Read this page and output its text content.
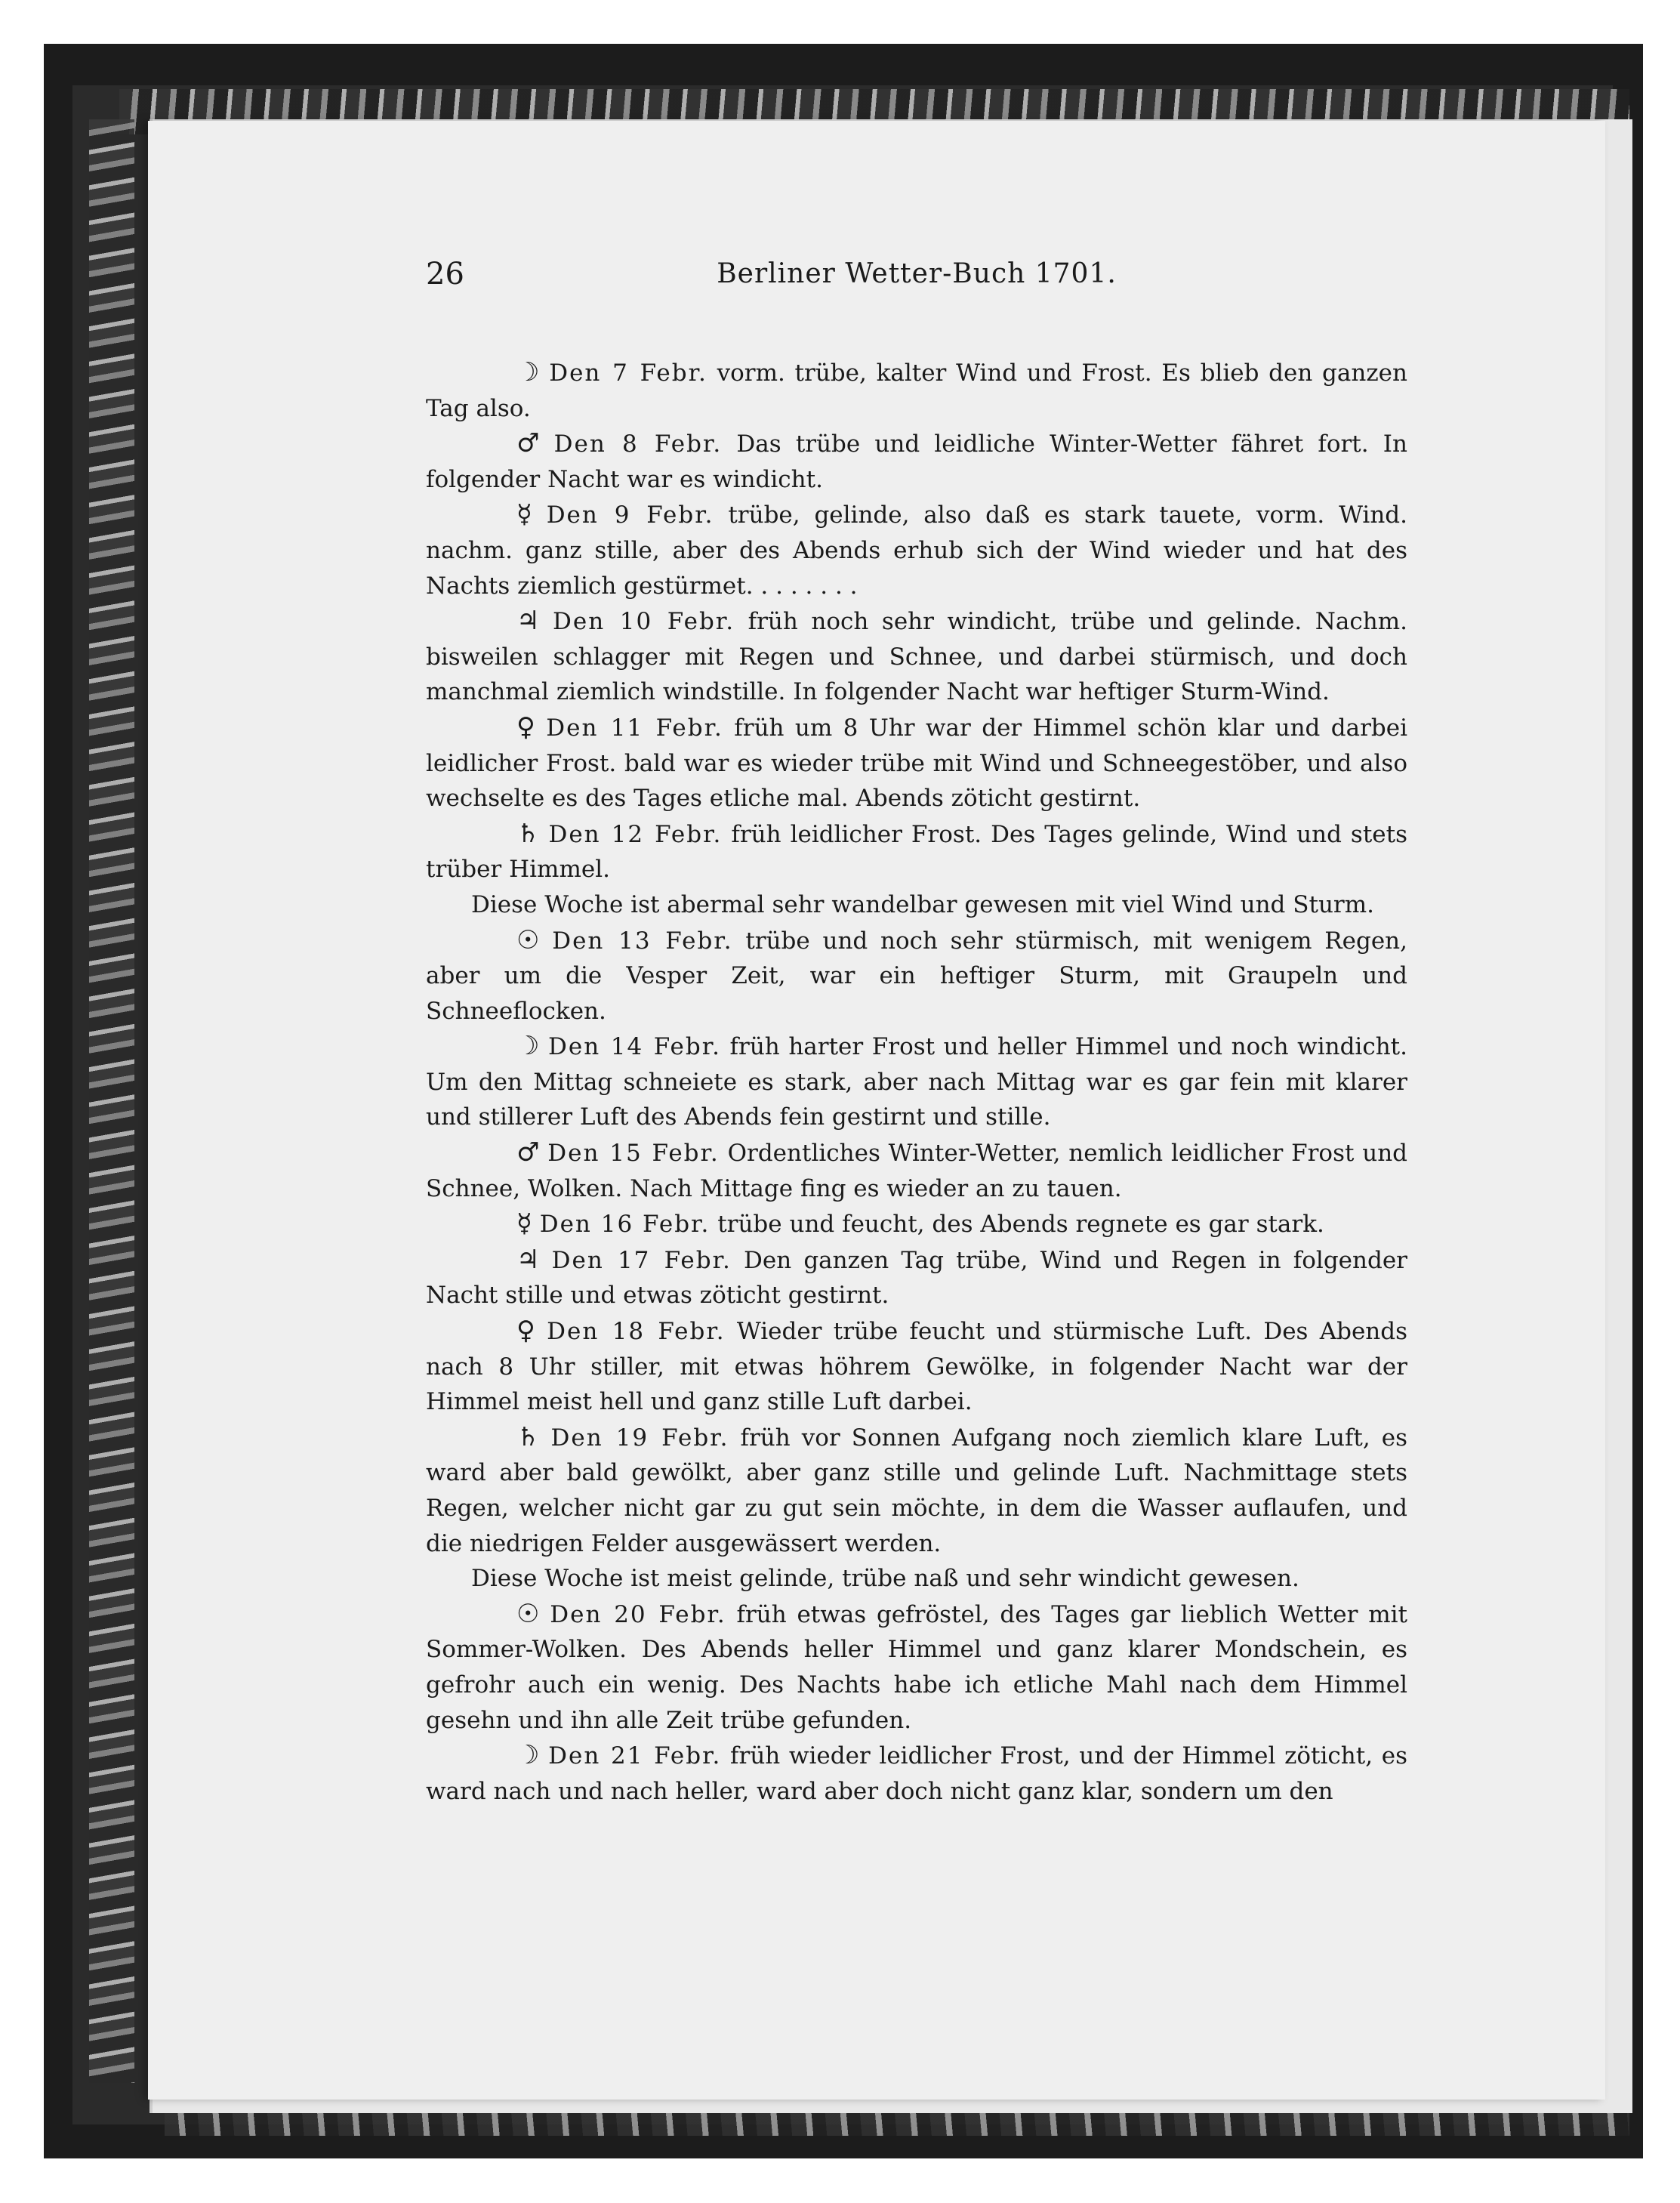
26	Berliner Wetter-Buch 1701.

☽ Den 7 Febr. vorm. trübe, kalter Wind und Frost. Es blieb den ganzen Tag also.

♂ Den 8 Febr. Das trübe und leidliche Winter-Wetter fähret fort. In folgender Nacht war es windicht.

☿ Den 9 Febr. trübe, gelinde, also daß es stark tauete, vorm. Wind. nachm. ganz stille, aber des Abends erhub sich der Wind wieder und hat des Nachts ziemlich gestürmet. . . . . . . .

♃ Den 10 Febr. früh noch sehr windicht, trübe und gelinde. Nachm. bisweilen schlagger mit Regen und Schnee, und darbei stürmisch, und doch manchmal ziemlich windstille. In folgender Nacht war heftiger Sturm-Wind.

♀ Den 11 Febr. früh um 8 Uhr war der Himmel schön klar und darbei leidlicher Frost. bald war es wieder trübe mit Wind und Schneegestöber, und also wechselte es des Tages etliche mal. Abends zöticht gestirnt.

♄ Den 12 Febr. früh leidlicher Frost. Des Tages gelinde, Wind und stets trüber Himmel.

Diese Woche ist abermal sehr wandelbar gewesen mit viel Wind und Sturm.

☉ Den 13 Febr. trübe und noch sehr stürmisch, mit wenigem Regen, aber um die Vesper Zeit, war ein heftiger Sturm, mit Graupeln und Schneeflocken.

☽ Den 14 Febr. früh harter Frost und heller Himmel und noch windicht. Um den Mittag schneiete es stark, aber nach Mittag war es gar fein mit klarer und stillerer Luft des Abends fein gestirnt und stille.

♂ Den 15 Febr. Ordentliches Winter-Wetter, nemlich leidlicher Frost und Schnee, Wolken. Nach Mittage fing es wieder an zu tauen.

☿ Den 16 Febr. trübe und feucht, des Abends regnete es gar stark.

♃ Den 17 Febr. Den ganzen Tag trübe, Wind und Regen in folgender Nacht stille und etwas zöticht gestirnt.

♀ Den 18 Febr. Wieder trübe feucht und stürmische Luft. Des Abends nach 8 Uhr stiller, mit etwas höhrem Gewölke, in folgender Nacht war der Himmel meist hell und ganz stille Luft darbei.

♄ Den 19 Febr. früh vor Sonnen Aufgang noch ziemlich klare Luft, es ward aber bald gewölkt, aber ganz stille und gelinde Luft. Nachmittage stets Regen, welcher nicht gar zu gut sein möchte, in dem die Wasser auflaufen, und die niedrigen Felder ausgewässert werden.

Diese Woche ist meist gelinde, trübe naß und sehr windicht gewesen.

☉ Den 20 Febr. früh etwas gefröstel, des Tages gar lieblich Wetter mit Sommer-Wolken. Des Abends heller Himmel und ganz klarer Mondschein, es gefrohr auch ein wenig. Des Nachts habe ich etliche Mahl nach dem Himmel gesehn und ihn alle Zeit trübe gefunden.

☽ Den 21 Febr. früh wieder leidlicher Frost, und der Himmel zöticht, es ward nach und nach heller, ward aber doch nicht ganz klar, sondern um den
